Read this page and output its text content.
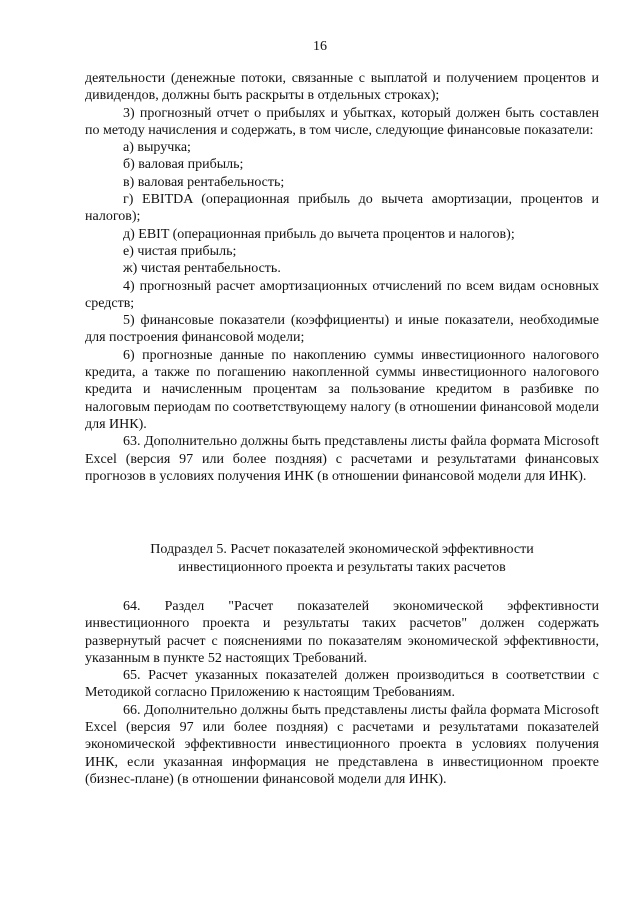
16

деятельности (денежные потоки, связанные с выплатой и получением процентов и дивидендов, должны быть раскрыты в отдельных строках);

3) прогнозный отчет о прибылях и убытках, который должен быть составлен по методу начисления и содержать, в том числе, следующие финансовые показатели:

а) выручка;

б) валовая прибыль;

в) валовая рентабельность;

г) EBITDA (операционная прибыль до вычета амортизации, процентов и налогов);

д) EBIT (операционная прибыль до вычета процентов и налогов);

е) чистая прибыль;

ж) чистая рентабельность.

4) прогнозный расчет амортизационных отчислений по всем видам основных средств;

5) финансовые показатели (коэффициенты) и иные показатели, необходимые для построения финансовой модели;

6) прогнозные данные по накоплению суммы инвестиционного налогового кредита, а также по погашению накопленной суммы инвестиционного налогового кредита и начисленным процентам за пользование кредитом в разбивке по налоговым периодам по соответствующему налогу (в отношении финансовой модели для ИНК).

63. Дополнительно должны быть представлены листы файла формата Microsoft Excel (версия 97 или более поздняя) с расчетами и результатами финансовых прогнозов в условиях получения ИНК (в отношении финансовой модели для ИНК).

Подраздел 5. Расчет показателей экономической эффективности
инвестиционного проекта и результаты таких расчетов

64. Раздел "Расчет показателей экономической эффективности инвестиционного проекта и результаты таких расчетов" должен содержать развернутый расчет с пояснениями по показателям экономической эффективности, указанным в пункте 52 настоящих Требований.

65. Расчет указанных показателей должен производиться в соответствии с Методикой согласно Приложению к настоящим Требованиям.

66. Дополнительно должны быть представлены листы файла формата Microsoft Excel (версия 97 или более поздняя) с расчетами и результатами показателей экономической эффективности инвестиционного проекта в условиях получения ИНК, если указанная информация не представлена в инвестиционном проекте (бизнес-плане) (в отношении финансовой модели для ИНК).
